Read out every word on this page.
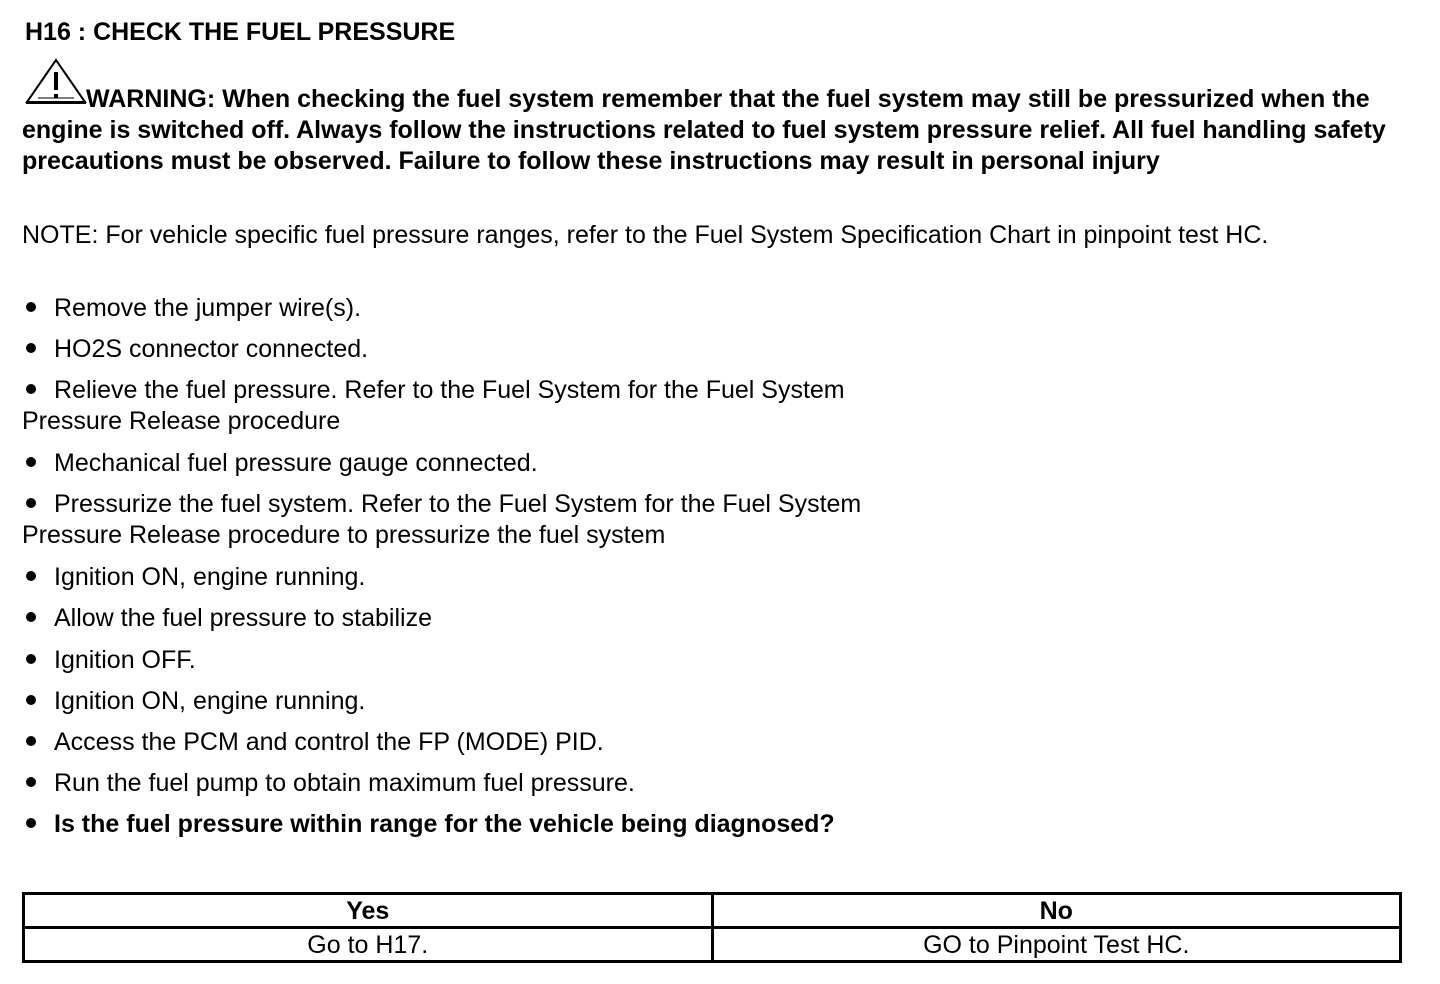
H16 : CHECK THE FUEL PRESSURE
WARNING: When checking the fuel system remember that the fuel system may still be pressurized when the engine is switched off. Always follow the instructions related to fuel system pressure relief. All fuel handling safety precautions must be observed. Failure to follow these instructions may result in personal injury
NOTE: For vehicle specific fuel pressure ranges, refer to the Fuel System Specification Chart in pinpoint test HC.
Remove the jumper wire(s).
HO2S connector connected.
Relieve the fuel pressure. Refer to the Fuel System for the Fuel System
Pressure Release procedure
Mechanical fuel pressure gauge connected.
Pressurize the fuel system. Refer to the Fuel System for the Fuel System
Pressure Release procedure to pressurize the fuel system
Ignition ON, engine running.
Allow the fuel pressure to stabilize
Ignition OFF.
Ignition ON, engine running.
Access the PCM and control the FP (MODE) PID.
Run the fuel pump to obtain maximum fuel pressure.
Is the fuel pressure within range for the vehicle being diagnosed?
Yes	No
Go to H17.	GO to Pinpoint Test HC.
